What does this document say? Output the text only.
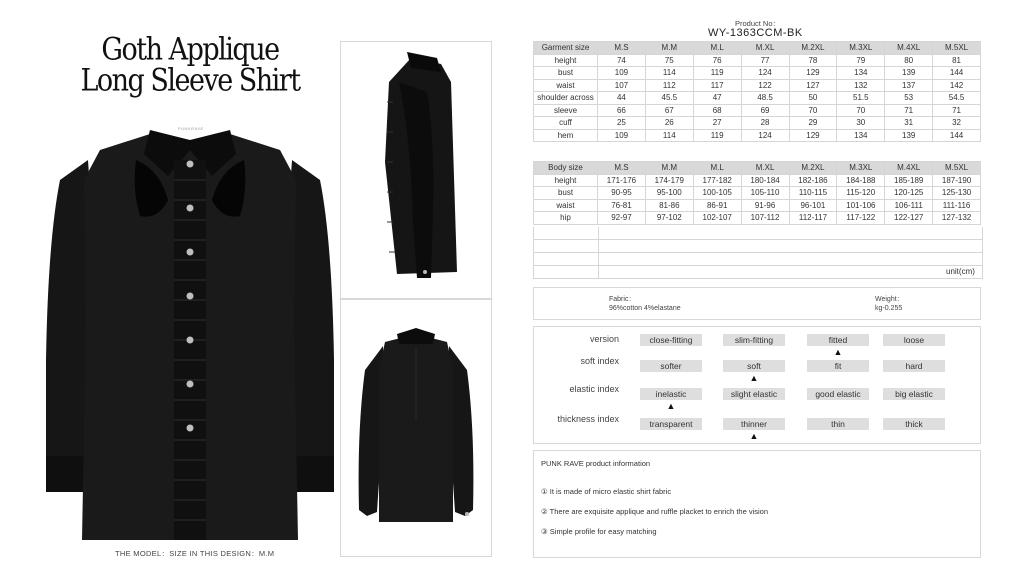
Goth Applique
Long Sleeve Shirt
PUNKRAVE
THE MODEL：SIZE IN THIS DESIGN：M.M
Product No：
WY-1363CCM-BK
Garment size	M.S	M.M	M.L	M.XL	M.2XL	M.3XL	M.4XL	M.5XL
height	74	75	76	77	78	79	80	81
bust	109	114	119	124	129	134	139	144
waist	107	112	117	122	127	132	137	142
shoulder across	44	45.5	47	48.5	50	51.5	53	54.5
sleeve	66	67	68	69	70	70	71	71
cuff	25	26	27	28	29	30	31	32
hem	109	114	119	124	129	134	139	144
Body size	M.S	M.M	M.L	M.XL	M.2XL	M.3XL	M.4XL	M.5XL
height	171-176	174-179	177-182	180-184	182-186	184-188	185-189	187-190
bust	90-95	95-100	100-105	105-110	110-115	115-120	120-125	125-130
waist	76-81	81-86	86-91	91-96	96-101	101-106	106-111	111-116
hip	92-97	97-102	102-107	107-112	112-117	117-122	122-127	127-132
unit(cm)
Fabric：
96%cotton 4%elastane
Weight：
kg-0.255
version	close-fitting	slim-fitting	fitted	loose
▲
soft index	softer	soft	fit	hard
▲
elastic index	inelastic	slight elastic	good elastic	big elastic
▲
thickness index	transparent	thinner	thin	thick
▲
PUNK RAVE product information
① It is made of micro elastic shirt fabric
② There are exquisite applique and ruffle placket to enrich the vision
③ Simple profile for easy matching
